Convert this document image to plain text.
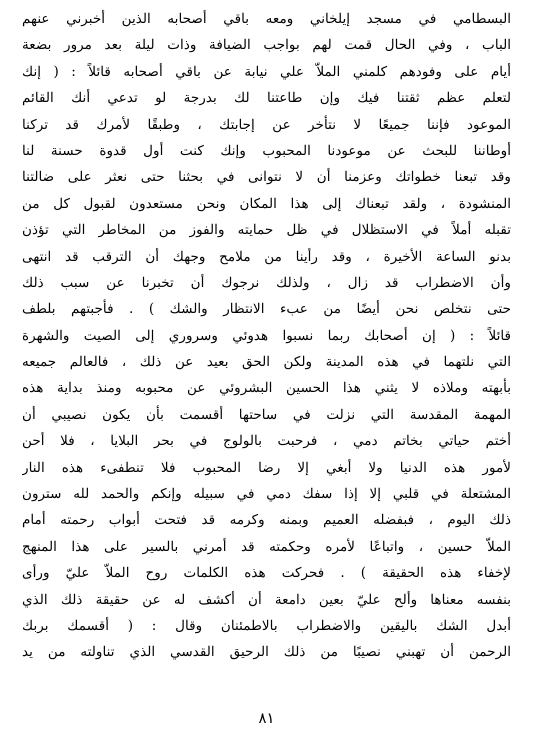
البسطامي في مسجد إيلخاني ومعه باقي أصحابه الذين أخبرني عنهم
الباب ، وفي الحال قمت لهم بواجب الضيافة وذات ليلة بعد مرور بضعة
أيام على وفودهم كلمني الملاّ علي نيابة عن باقي أصحابه قائلاً : ( إنك
لتعلم عظم ثقتنا فيك وإن طاعتنا لك بدرجة لو تدعي أنك القائم
الموعود فإننا جميعًا لا نتأخر عن إجابتك ، وطبقًا لأمرك قد تركنا
أوطاننا للبحث عن موعودنا المحبوب وإنك كنت أول قدوة حسنة لنا
وقد تبعنا خطواتك وعزمنا أن لا نتوانى في بحثنا حتى نعثر على ضالتنا
المنشودة ، ولقد تبعناك إلى هذا المكان ونحن مستعدون لقبول كل من
تقبله أملاً في الاستظلال في ظل حمايته والفوز من المخاطر التي تؤذن
بدنو الساعة الأخيرة ، وقد رأينا من ملامح وجهك أن الترقب قد انتهى
وأن الاضطراب قد زال ، ولذلك نرجوك أن تخبرنا عن سبب ذلك
حتى نتخلص نحن أيضًا من عبء الانتظار والشك ) . فأجبتهم بلطف
قائلاً : ( إن أصحابك ربما نسبوا هدوئي وسروري إلى الصيت والشهرة
التي نلتهما في هذه المدينة ولكن الحق بعيد عن ذلك ، فالعالم جميعه
بأبهته وملاذه لا يثني هذا الحسين البشروئي عن محبوبه ومنذ بداية هذه
المهمة المقدسة التي نزلت في ساحتها أقسمت بأن يكون نصيبي أن
أختم حياتي بخاتم دمي ، فرحبت بالولوج في بحر البلايا ، فلا أحن
لأمور هذه الدنيا ولا أبغي إلا رضا المحبوب فلا تنطفىء هذه النار
المشتعلة في قلبي إلا إذا سفك دمي في سبيله وإنكم والحمد لله سترون
ذلك اليوم ، فبفضله العميم وبمنه وكرمه قد فتحت أبواب رحمته أمام
الملاّ حسين ، واتباعًا لأمره وحكمته قد أمرني بالسير على هذا المنهج
لإخفاء هذه الحقيقة ) . فحركت هذه الكلمات روح الملاّ عليّ ورأى
بنفسه معناها وألح عليّ بعين دامعة أن أكشف له عن حقيقة ذلك الذي
أبدل الشك باليقين والاضطراب بالاطمئنان وقال : ( أقسمك بربك
الرحمن أن تهبني نصيبًا من ذلك الرحيق القدسي الذي تناولته من يد
٨١
